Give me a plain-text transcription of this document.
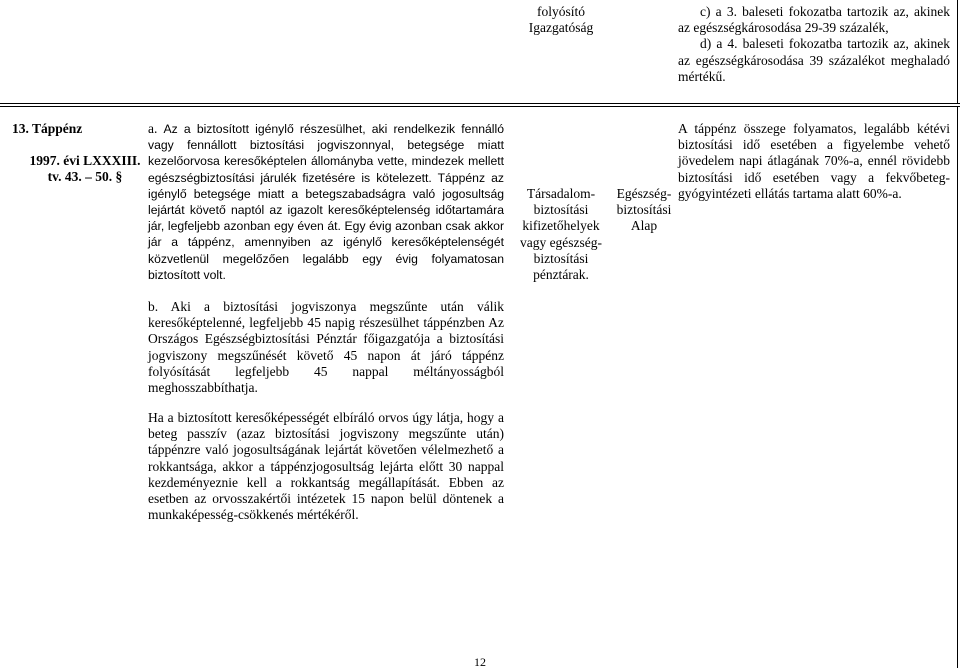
folyósító Igazgatóság
c) a 3. baleseti fokozatba tartozik az, akinek az egészségkárosodása 29-39 százalék,
d) a 4. baleseti fokozatba tartozik az, akinek az egészségkárosodása 39 százalékot meghaladó mértékű.
13. Táppénz
1997. évi LXXXIII. tv. 43. – 50. §
a. Az a biztosított igénylő részesülhet, aki rendelkezik fennálló vagy fennállott biztosítási jogviszonnyal, betegsége miatt kezelőorvosa keresőképtelen állományba vette, mindezek mellett egészségbiztosítási járulék fizetésére is kötelezett. Táppénz az igénylő betegsége miatt a betegszabadságra való jogosultság lejártát követő naptól az igazolt keresőképtelenség időtartamára jár, legfeljebb azonban egy éven át. Egy évig azonban csak akkor jár a táppénz, amennyiben az igénylő keresőképtelenségét közvetlenül megelőzően legalább egy évig folyamatosan biztosított volt.
b. Aki a biztosítási jogviszonya megszűnte után válik keresőképtelenné, legfeljebb 45 napig részesülhet táppénzben Az Országos Egészségbiztosítási Pénztár főigazgatója a biztosítási jogviszony megszűnését követő 45 napon át járó táppénz folyósítását legfeljebb 45 nappal méltányosságból meghosszabbíthatja.
Ha a biztosított keresőképességét elbíráló orvos úgy látja, hogy a beteg passzív (azaz biztosítási jogviszony megszűnte után) táppénzre való jogosultságának lejártát követően vélelmezhető a rokkantsága, akkor a táppénzjogosultság lejárta előtt 30 nappal kezdeményeznie kell a rokkantság megállapítását. Ebben az esetben az orvosszakértői intézetek 15 napon belül döntenek a munkaképesség-csökkenés mértékéről.
Társadalom-biztosítási kifizetőhelyek vagy egészség-biztosítási pénztárak.
Egészség-biztosítási Alap
A táppénz összege folyamatos, legalább kétévi biztosítási idő esetében a figyelembe vehető jövedelem napi átlagának 70%-a, ennél rövidebb biztosítási idő esetében vagy a fekvőbeteg-gyógyintézeti ellátás tartama alatt 60%-a.
12
